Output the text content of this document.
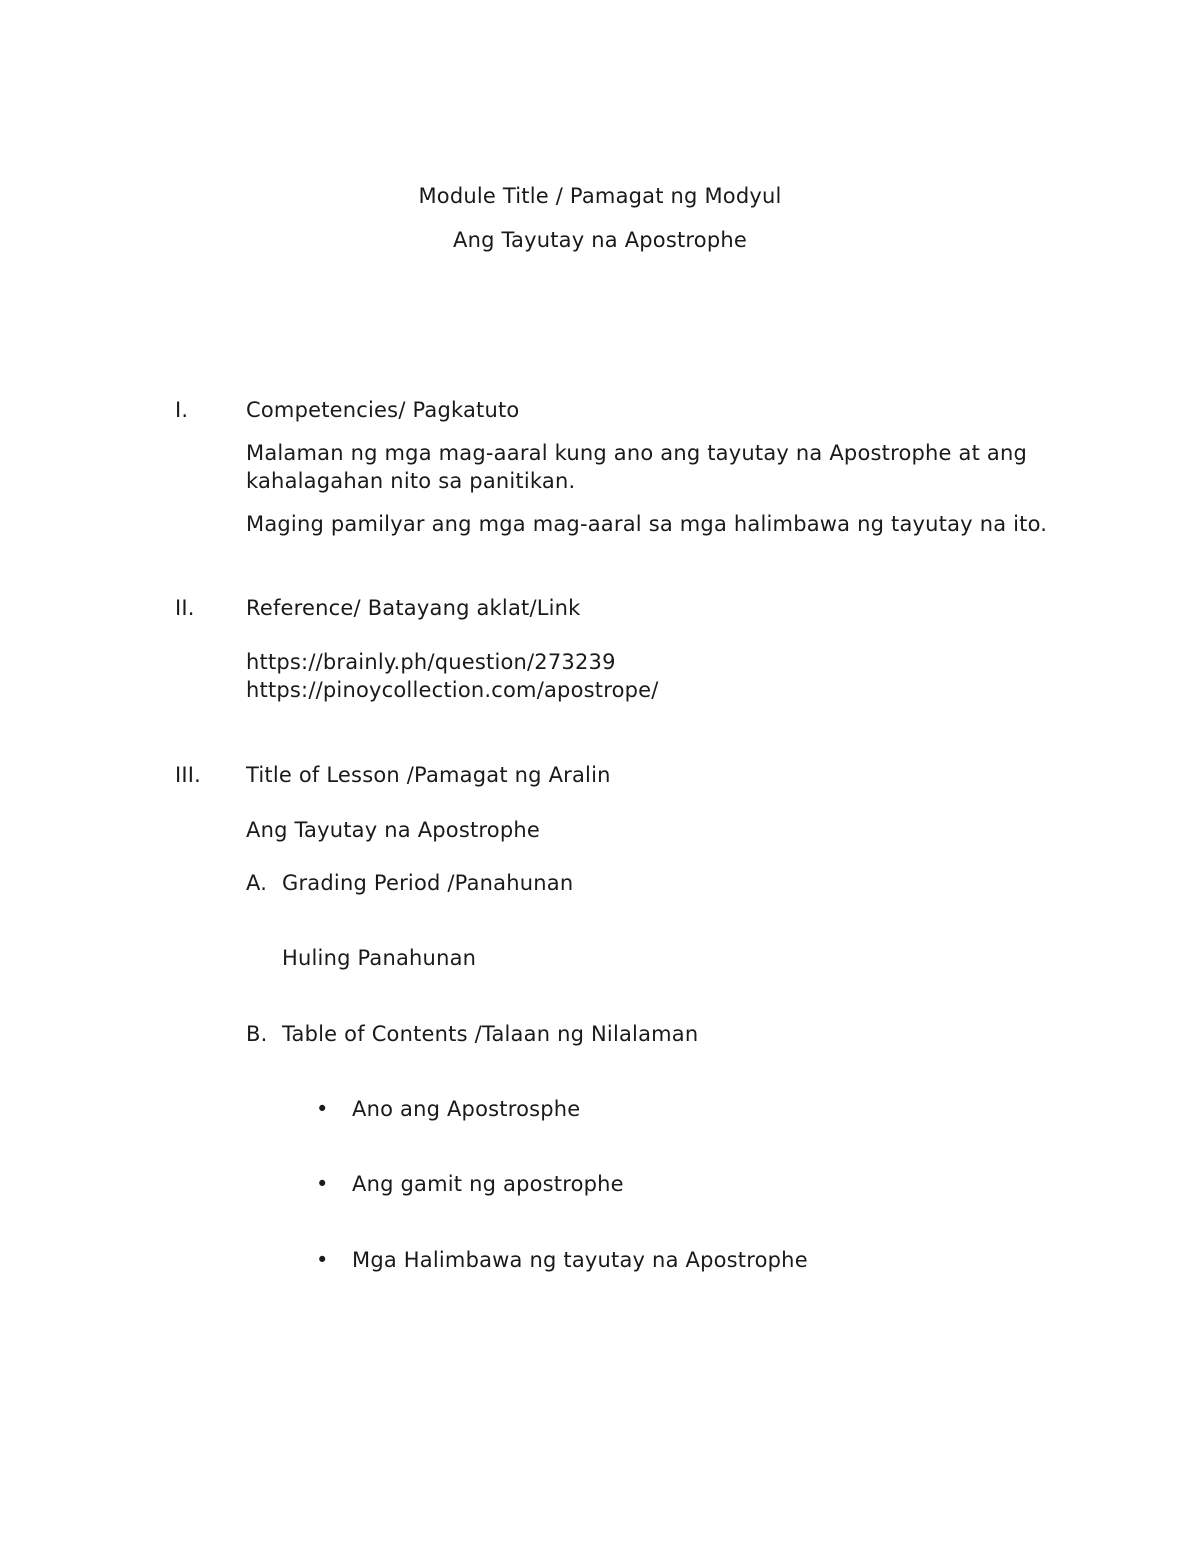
Module Title / Pamagat ng Modyul
Ang Tayutay na Apostrophe
I.	Competencies/ Pagkatuto
Malaman ng mga mag-aaral kung ano ang tayutay na Apostrophe at ang kahalagahan nito sa panitikan.
Maging pamilyar ang mga mag-aaral sa mga halimbawa ng tayutay na ito.
II. Reference/ Batayang aklat/Link
https://brainly.ph/question/273239
https://pinoycollection.com/apostrope/
III. Title of Lesson /Pamagat ng Aralin
Ang Tayutay na Apostrophe
A. Grading Period /Panahunan
Huling Panahunan
B. Table of Contents /Talaan ng Nilalaman
• Ano ang Apostrosphe
• Ang gamit ng apostrophe
• Mga Halimbawa ng tayutay na Apostrophe
